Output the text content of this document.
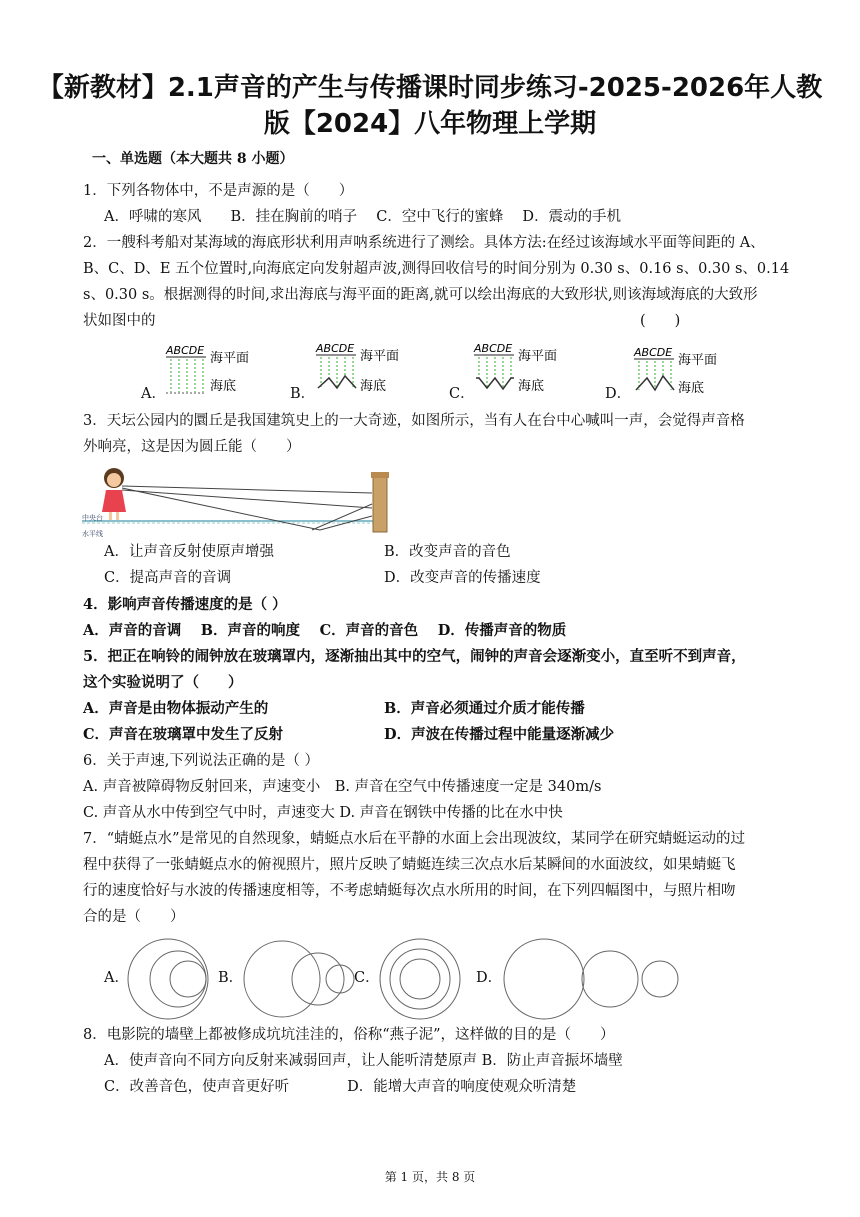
【新教材】2.1声音的产生与传播课时同步练习-2025-2026年人教
版【2024】八年物理上学期
一、单选题（本大题共 8 小题）
1．下列各物体中，不是声源的是（　　）
A．呼啸的寒风　　B．挂在胸前的哨子　 C．空中飞行的蜜蜂　 D．震动的手机
2．一艘科考船对某海域的海底形状利用声呐系统进行了测绘。具体方法:在经过该海域水平面等间距的 A、
B、C、D、E 五个位置时,向海底定向发射超声波,测得回收信号的时间分别为 0.30 s、0.16 s、0.30 s、0.14
s、0.30 s。根据测得的时间,求出海底与海平面的距离,就可以绘出海底的大致形状,则该海域海底的大致形
状如图中的	(　　)
A．
ABCDE
海平面
海底	B．
ABCDE
海平面
海底	C．
ABCDE
海平面
海底	D．
ABCDE
海平面
海底
3．天坛公园内的圜丘是我国建筑史上的一大奇迹，如图所示，当有人在台中心喊叫一声，会觉得声音格
外响亮，这是因为圆丘能（　　）
中央台
水平线
A．让声音反射使原声增强	B．改变声音的音色
C．提高声音的音调	D．改变声音的传播速度
4．影响声音传播速度的是（ ）
A．声音的音调　 B．声音的响度　 C．声音的音色　 D．传播声音的物质
5．把正在响铃的闹钟放在玻璃罩内，逐渐抽出其中的空气，闹钟的声音会逐渐变小，直至听不到声音，
这个实验说明了（　　）
A．声音是由物体振动产生的	B．声音必须通过介质才能传播
C．声音在玻璃罩中发生了反射	D．声波在传播过程中能量逐渐减少
6．关于声速,下列说法正确的是（ ）
A. 声音被障碍物反射回来，声速变小　B. 声音在空气中传播速度一定是 340m/s
C. 声音从水中传到空气中时，声速变大 D. 声音在钢铁中传播的比在水中快
7．“蜻蜓点水”是常见的自然现象，蜻蜓点水后在平静的水面上会出现波纹，某同学在研究蜻蜓运动的过
程中获得了一张蜻蜓点水的俯视照片，照片反映了蜻蜓连续三次点水后某瞬间的水面波纹，如果蜻蜓飞
行的速度恰好与水波的传播速度相等，不考虑蜻蜓每次点水所用的时间，在下列四幅图中，与照片相吻
合的是（　　）
A．	B．	C．	D．
8．电影院的墙壁上都被修成坑坑洼洼的，俗称“燕子泥”，这样做的目的是（　　）
A．使声音向不同方向反射来减弱回声，让人能听清楚原声 B．防止声音振坏墙壁
C．改善音色，使声音更好听　　　　D．能增大声音的响度使观众听清楚
第 1 页，共 8 页
